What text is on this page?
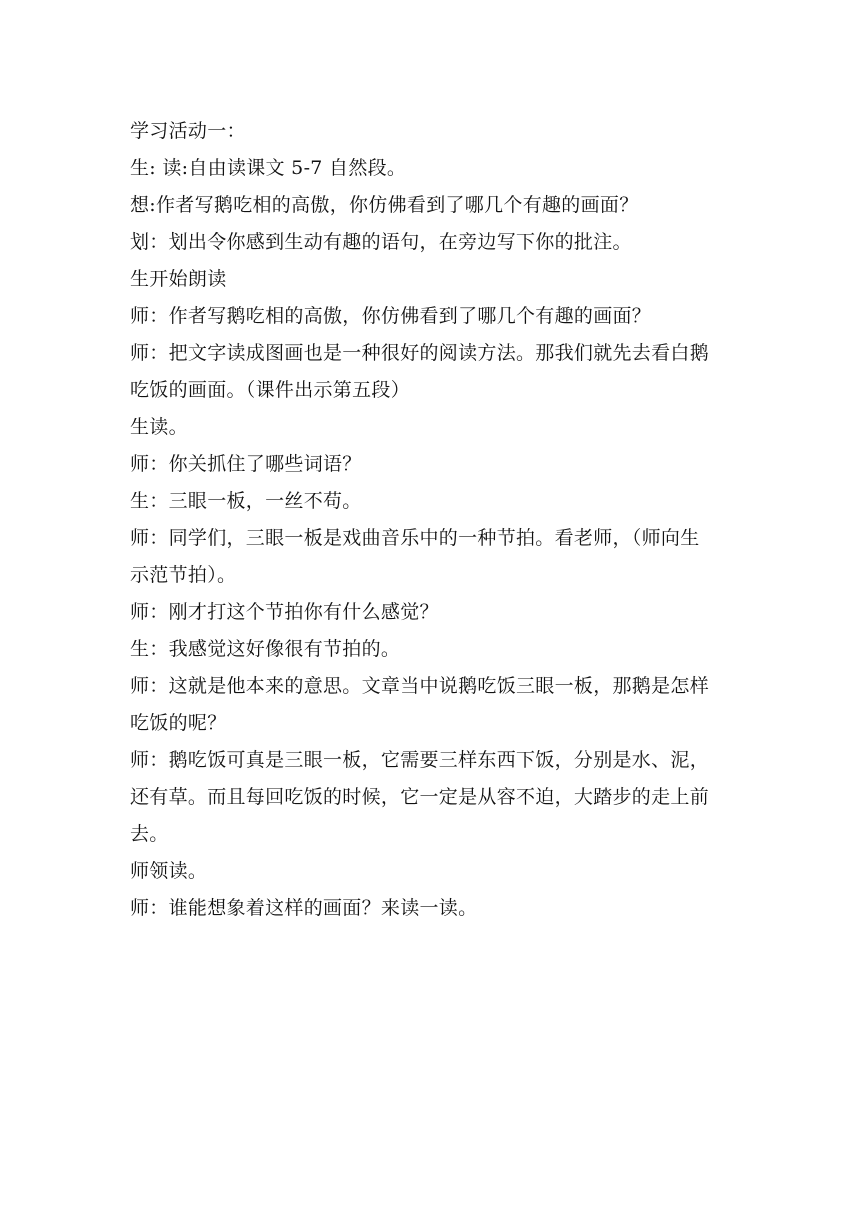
学习活动一：
生: 读:自由读课文 5-7 自然段。
想:作者写鹅吃相的高傲，你仿佛看到了哪几个有趣的画面？
划：划出令你感到生动有趣的语句，在旁边写下你的批注。
生开始朗读
师：作者写鹅吃相的高傲，你仿佛看到了哪几个有趣的画面？
师：把文字读成图画也是一种很好的阅读方法。那我们就先去看白鹅
吃饭的画面。（课件出示第五段）
生读。
师：你关抓住了哪些词语？
生：三眼一板，一丝不苟。
师：同学们，三眼一板是戏曲音乐中的一种节拍。看老师，（师向生
示范节拍）。
师：刚才打这个节拍你有什么感觉？
生：我感觉这好像很有节拍的。
师：这就是他本来的意思。文章当中说鹅吃饭三眼一板，那鹅是怎样
吃饭的呢？
师：鹅吃饭可真是三眼一板，它需要三样东西下饭，分别是水、泥，
还有草。而且每回吃饭的时候，它一定是从容不迫，大踏步的走上前
去。
师领读。
师：谁能想象着这样的画面？来读一读。
